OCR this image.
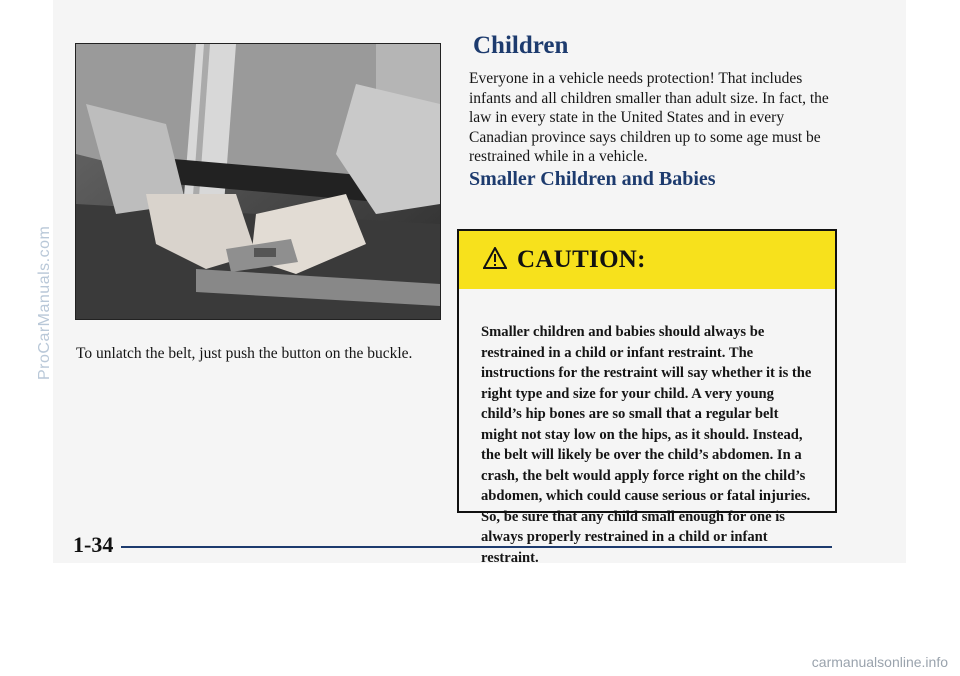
To unlatch the belt, just push the button on the buckle.
Children

Everyone in a vehicle needs protection! That includes infants and all children smaller than adult size. In fact, the law in every state in the United States and in every Canadian province says children up to some age must be restrained while in a vehicle.

Smaller Children and Babies
CAUTION:
Smaller children and babies should always be restrained in a child or infant restraint. The instructions for the restraint will say whether it is the right type and size for your child. A very young child’s hip bones are so small that a regular belt might not stay low on the hips, as it should. Instead, the belt will likely be over the child’s abdomen. In a crash, the belt would apply force right on the child’s abdomen, which could cause serious or fatal injuries. So, be sure that any child small enough for one is always properly restrained in a child or infant restraint.
1-34
ProCarManuals.com
carmanualsonline.info
